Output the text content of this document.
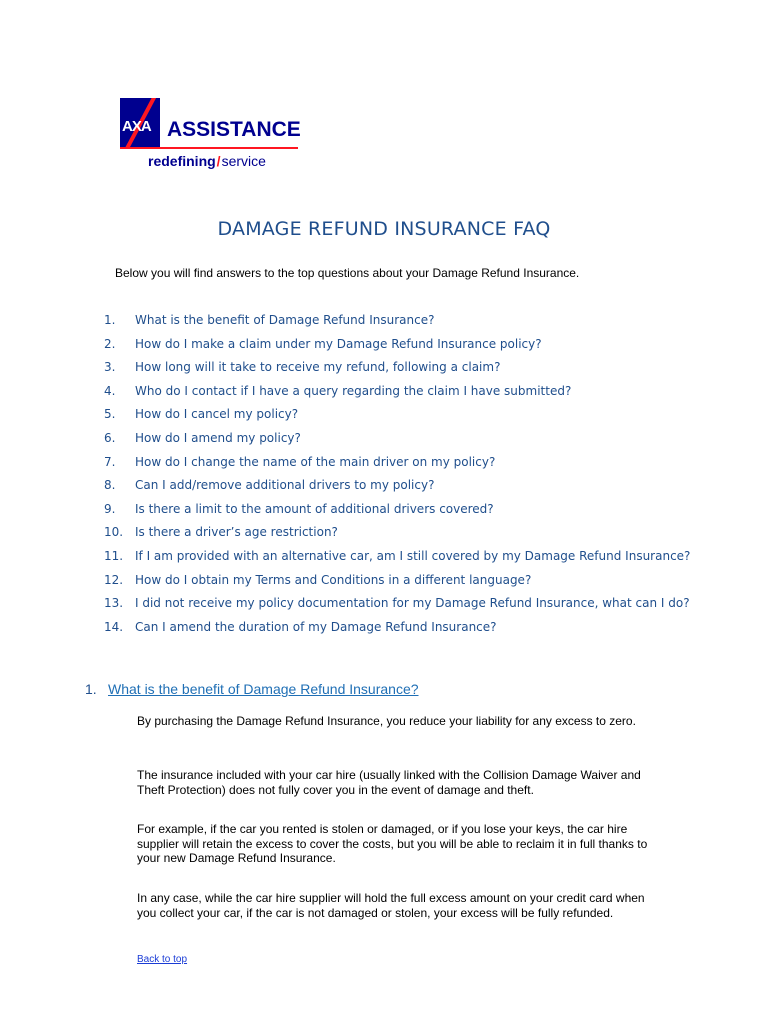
AXA ASSISTANCE
redefining/service
DAMAGE REFUND INSURANCE FAQ
Below you will find answers to the top questions about your Damage Refund Insurance.
1. What is the benefit of Damage Refund Insurance?
2. How do I make a claim under my Damage Refund Insurance policy?
3. How long will it take to receive my refund, following a claim?
4. Who do I contact if I have a query regarding the claim I have submitted?
5. How do I cancel my policy?
6. How do I amend my policy?
7. How do I change the name of the main driver on my policy?
8. Can I add/remove additional drivers to my policy?
9. Is there a limit to the amount of additional drivers covered?
10. Is there a driver’s age restriction?
11. If I am provided with an alternative car, am I still covered by my Damage Refund Insurance?
12. How do I obtain my Terms and Conditions in a different language?
13. I did not receive my policy documentation for my Damage Refund Insurance, what can I do?
14. Can I amend the duration of my Damage Refund Insurance?
1. What is the benefit of Damage Refund Insurance?

By purchasing the Damage Refund Insurance, you reduce your liability for any excess to zero.

The insurance included with your car hire (usually linked with the Collision Damage Waiver and Theft Protection) does not fully cover you in the event of damage and theft.

For example, if the car you rented is stolen or damaged, or if you lose your keys, the car hire supplier will retain the excess to cover the costs, but you will be able to reclaim it in full thanks to your new Damage Refund Insurance.

In any case, while the car hire supplier will hold the full excess amount on your credit card when you collect your car, if the car is not damaged or stolen, your excess will be fully refunded.

Back to top
